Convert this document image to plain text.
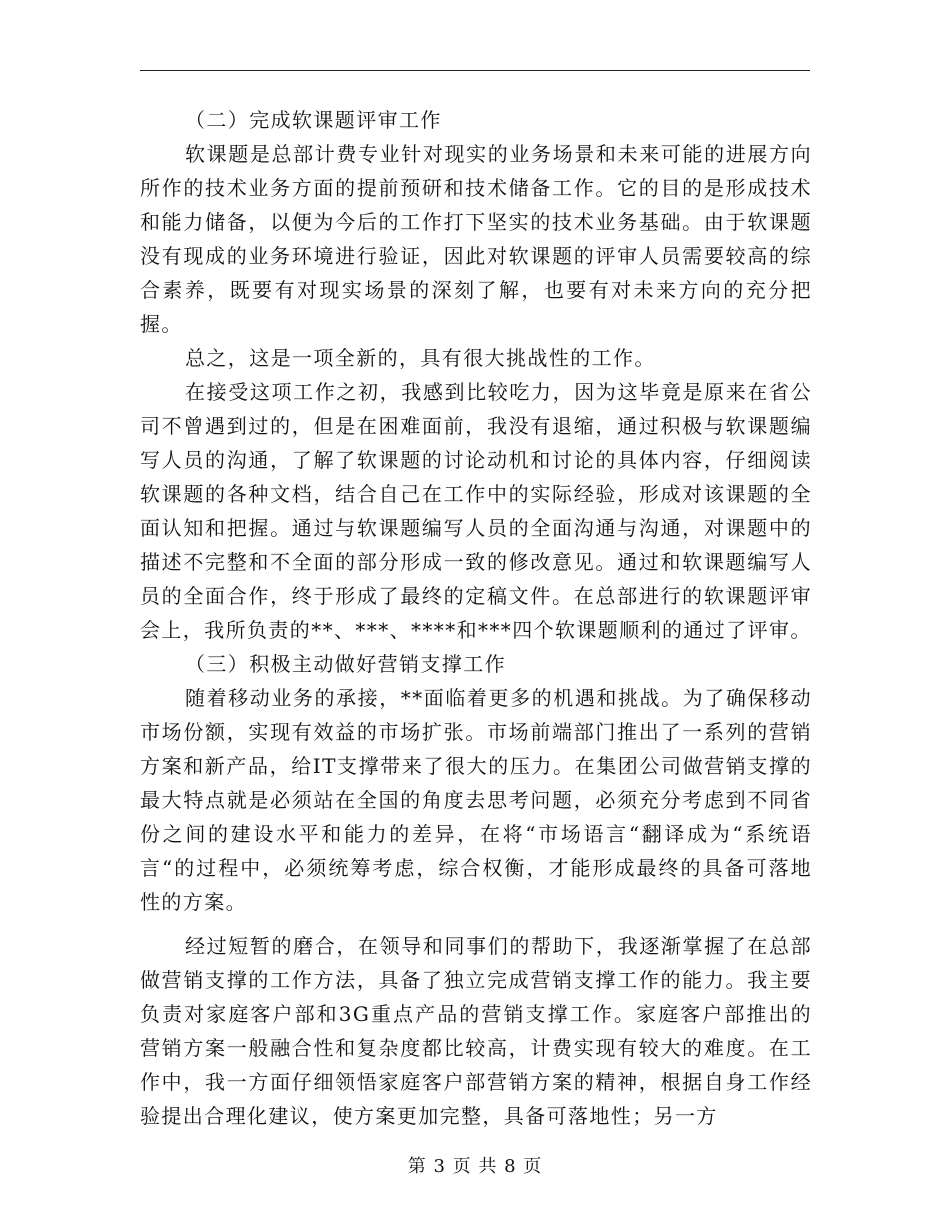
（二）完成软课题评审工作

软课题是总部计费专业针对现实的业务场景和未来可能的进展方向所作的技术业务方面的提前预研和技术储备工作。它的目的是形成技术和能力储备，以便为今后的工作打下坚实的技术业务基础。由于软课题没有现成的业务环境进行验证，因此对软课题的评审人员需要较高的综合素养，既要有对现实场景的深刻了解，也要有对未来方向的充分把握。

总之，这是一项全新的，具有很大挑战性的工作。

在接受这项工作之初，我感到比较吃力，因为这毕竟是原来在省公司不曾遇到过的，但是在困难面前，我没有退缩，通过积极与软课题编写人员的沟通，了解了软课题的讨论动机和讨论的具体内容，仔细阅读软课题的各种文档，结合自己在工作中的实际经验，形成对该课题的全面认知和把握。通过与软课题编写人员的全面沟通与沟通，对课题中的描述不完整和不全面的部分形成一致的修改意见。通过和软课题编写人员的全面合作，终于形成了最终的定稿文件。在总部进行的软课题评审会上，我所负责的**、***、****和***四个软课题顺利的通过了评审。

（三）积极主动做好营销支撑工作

随着移动业务的承接，**面临着更多的机遇和挑战。为了确保移动市场份额，实现有效益的市场扩张。市场前端部门推出了一系列的营销方案和新产品，给IT支撑带来了很大的压力。在集团公司做营销支撑的最大特点就是必须站在全国的角度去思考问题，必须充分考虑到不同省份之间的建设水平和能力的差异，在将“市场语言“翻译成为“系统语言“的过程中，必须统筹考虑，综合权衡，才能形成最终的具备可落地性的方案。

经过短暂的磨合，在领导和同事们的帮助下，我逐渐掌握了在总部做营销支撑的工作方法，具备了独立完成营销支撑工作的能力。我主要负责对家庭客户部和3G重点产品的营销支撑工作。家庭客户部推出的营销方案一般融合性和复杂度都比较高，计费实现有较大的难度。在工作中，我一方面仔细领悟家庭客户部营销方案的精神，根据自身工作经验提出合理化建议，使方案更加完整，具备可落地性；另一方

第 3 页 共 8 页
